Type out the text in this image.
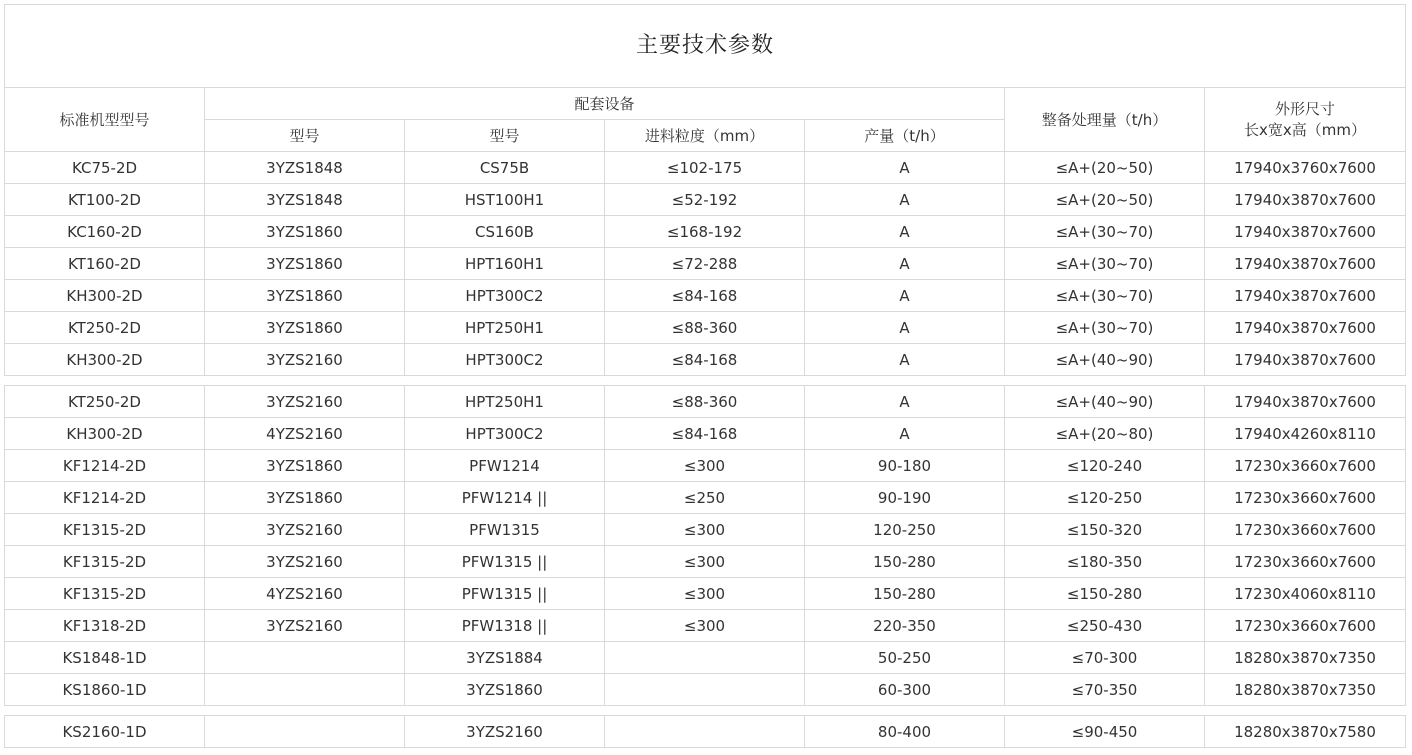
主要技术参数						
标准机型型号	配套设备				整备处理量（t/h）	外形尺寸
长x宽x高（mm）

	型号	型号	进料粒度（mm）	产量（t/h）		
KC75-2D	3YZS1848	CS75B	≤102-175	A	≤A+(20~50)	17940x3760x7600
KT100-2D	3YZS1848	HST100H1	≤52-192	A	≤A+(20~50)	17940x3870x7600
KC160-2D	3YZS1860	CS160B	≤168-192	A	≤A+(30~70)	17940x3870x7600
KT160-2D	3YZS1860	HPT160H1	≤72-288	A	≤A+(30~70)	17940x3870x7600
KH300-2D	3YZS1860	HPT300C2	≤84-168	A	≤A+(30~70)	17940x3870x7600
KT250-2D	3YZS1860	HPT250H1	≤88-360	A	≤A+(30~70)	17940x3870x7600
KH300-2D	3YZS2160	HPT300C2	≤84-168	A	≤A+(40~90)	17940x3870x7600

KT250-2D	3YZS2160	HPT250H1	≤88-360	A	≤A+(40~90)	17940x3870x7600
KH300-2D	4YZS2160	HPT300C2	≤84-168	A	≤A+(20~80)	17940x4260x8110
KF1214-2D	3YZS1860	PFW1214	≤300	90-180	≤120-240	17230x3660x7600
KF1214-2D	3YZS1860	PFW1214 ||	≤250	90-190	≤120-250	17230x3660x7600
KF1315-2D	3YZS2160	PFW1315	≤300	120-250	≤150-320	17230x3660x7600
KF1315-2D	3YZS2160	PFW1315 ||	≤300	150-280	≤180-350	17230x3660x7600
KF1315-2D	4YZS2160	PFW1315 ||	≤300	150-280	≤150-280	17230x4060x8110
KF1318-2D	3YZS2160	PFW1318 ||	≤300	220-350	≤250-430	17230x3660x7600
KS1848-1D		3YZS1884		50-250	≤70-300	18280x3870x7350
KS1860-1D		3YZS1860		60-300	≤70-350	18280x3870x7350

KS2160-1D		3YZS2160		80-400	≤90-450	18280x3870x7580
